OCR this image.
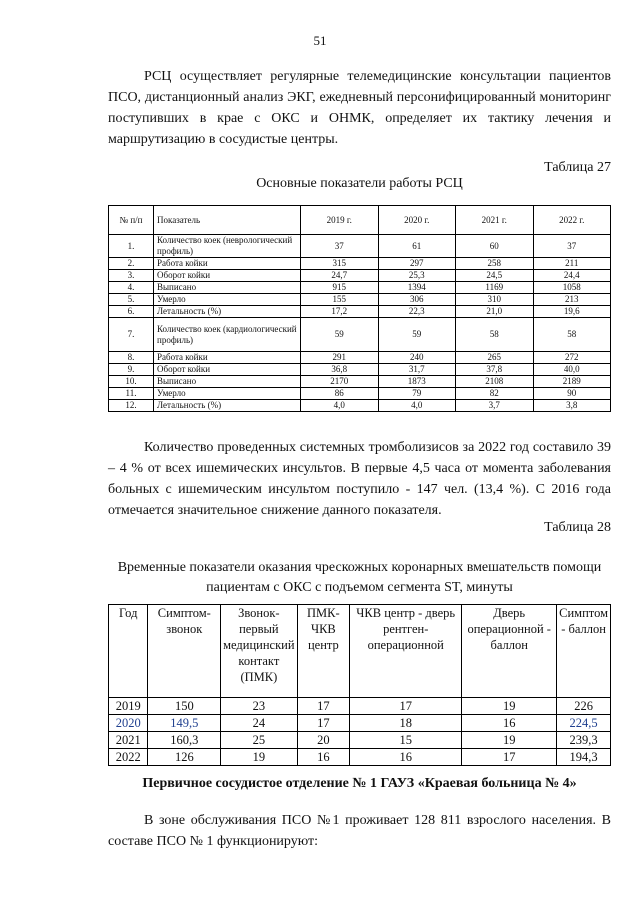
51

РСЦ осуществляет регулярные телемедицинские консультации пациентов ПСО, дистанционный анализ ЭКГ, ежедневный персонифицированный мониторинг поступивших в крае с ОКС и ОНМК, определяет их тактику лечения и маршрутизацию в сосудистые центры.

Таблица 27
Основные показатели работы РСЦ
№ п/п	Показатель	2019 г.	2020 г.	2021 г.	2022 г.
1.	Количество коек (неврологический профиль)	37	61	60	37
2.	Работа койки	315	297	258	211
3.	Оборот койки	24,7	25,3	24,5	24,4
4.	Выписано	915	1394	1169	1058
5.	Умерло	155	306	310	213
6.	Летальность (%)	17,2	22,3	21,0	19,6
7.	Количество коек (кардиологический профиль)	59	59	58	58
8.	Работа койки	291	240	265	272
9.	Оборот койки	36,8	31,7	37,8	40,0
10.	Выписано	2170	1873	2108	2189
11.	Умерло	86	79	82	90
12.	Летальность (%)	4,0	4,0	3,7	3,8

Количество проведенных системных тромболизисов за 2022 год составило 39 – 4 % от всех ишемических инсультов. В первые 4,5 часа от момента заболевания больных с ишемическим инсультом поступило - 147 чел. (13,4 %). С 2016 года отмечается значительное снижение данного показателя.

Таблица 28
Временные показатели оказания чрескожных коронарных вмешательств помощи пациентам с ОКС с подъемом сегмента ST, минуты
Год	Симптом-звонок	Звонок-первый медицинский контакт (ПМК)	ПМК-ЧКВ центр	ЧКВ центр - дверь рентген-операционной	Дверь операционной - баллон	Симптом - баллон
2019	150	23	17	17	19	226
2020	149,5	24	17	18	16	224,5
2021	160,3	25	20	15	19	239,3
2022	126	19	16	16	17	194,3
Первичное сосудистое отделение № 1 ГАУЗ «Краевая больница № 4»

В зоне обслуживания ПСО №1 проживает 128 811 взрослого населения. В составе ПСО № 1 функционируют:
